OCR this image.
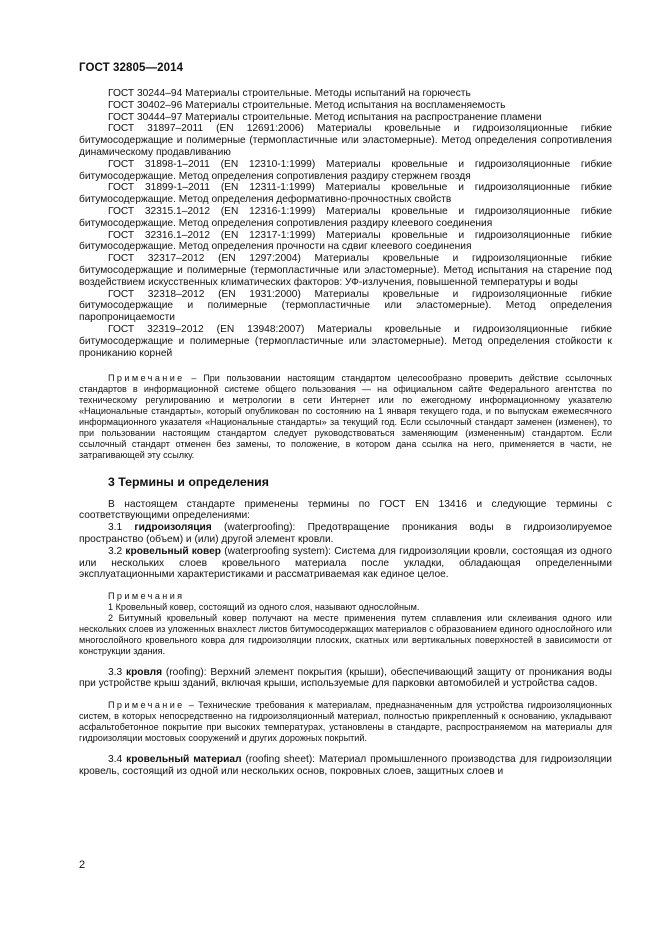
ГОСТ 32805—2014

ГОСТ 30244–94 Материалы строительные. Методы испытаний на горючесть

ГОСТ 30402–96 Материалы строительные. Метод испытания на воспламеняемость

ГОСТ 30444–97 Материалы строительные. Метод испытания на распространение пламени

ГОСТ 31897–2011 (EN 12691:2006) Материалы кровельные и гидроизоляционные гибкие битумосодержащие и полимерные (термопластичные или эластомерные). Метод определения сопротивления динамическому продавливанию

ГОСТ 31898-1–2011 (EN 12310-1:1999) Материалы кровельные и гидроизоляционные гибкие битумосодержащие. Метод определения сопротивления раздиру стержнем гвоздя

ГОСТ 31899-1–2011 (EN 12311-1:1999) Материалы кровельные и гидроизоляционные гибкие битумосодержащие. Метод определения деформативно-прочностных свойств

ГОСТ 32315.1–2012 (EN 12316-1:1999) Материалы кровельные и гидроизоляционные гибкие битумосодержащие. Метод определения сопротивления раздиру клеевого соединения

ГОСТ 32316.1–2012 (EN 12317-1:1999) Материалы кровельные и гидроизоляционные гибкие битумосодержащие. Метод определения прочности на сдвиг клеевого соединения

ГОСТ 32317–2012 (EN 1297:2004) Материалы кровельные и гидроизоляционные гибкие битумосодержащие и полимерные (термопластичные или эластомерные). Метод испытания на старение под воздействием искусственных климатических факторов: УФ-излучения, повышенной температуры и воды

ГОСТ 32318–2012 (EN 1931:2000) Материалы кровельные и гидроизоляционные гибкие битумосодержащие и полимерные (термопластичные или эластомерные). Метод определения паропроницаемости

ГОСТ 32319–2012 (EN 13948:2007) Материалы кровельные и гидроизоляционные гибкие битумосодержащие и полимерные (термопластичные или эластомерные). Метод определения стойкости к прониканию корней

Примечание – При пользовании настоящим стандартом целесообразно проверить действие ссылочных стандартов в информационной системе общего пользования — на официальном сайте Федерального агентства по техническому регулированию и метрологии в сети Интернет или по ежегодному информационному указателю «Национальные стандарты», который опубликован по состоянию на 1 января текущего года, и по выпускам ежемесячного информационного указателя «Национальные стандарты» за текущий год. Если ссылочный стандарт заменен (изменен), то при пользовании настоящим стандартом следует руководствоваться заменяющим (измененным) стандартом. Если ссылочный стандарт отменен без замены, то положение, в котором дана ссылка на него, применяется в части, не затрагивающей эту ссылку.

3 Термины и определения

В настоящем стандарте применены термины по ГОСТ EN 13416 и следующие термины с соответствующими определениями:

3.1 гидроизоляция (waterproofing): Предотвращение проникания воды в гидроизолируемое пространство (объем) и (или) другой элемент кровли.

3.2 кровельный ковер (waterproofing system): Система для гидроизоляции кровли, состоящая из одного или нескольких слоев кровельного материала после укладки, обладающая определенными эксплуатационными характеристиками и рассматриваемая как единое целое.

Примечания

1 Кровельный ковер, состоящий из одного слоя, называют однослойным.

2 Битумный кровельный ковер получают на месте применения путем сплавления или склеивания одного или нескольких слоев из уложенных внахлест листов битумосодержащих материалов с образованием единого однослойного или многослойного кровельного ковра для гидроизоляции плоских, скатных или вертикальных поверхностей в зависимости от конструкции здания.

3.3 кровля (roofing): Верхний элемент покрытия (крыши), обеспечивающий защиту от проникания воды при устройстве крыш зданий, включая крыши, используемые для парковки автомобилей и устройства садов.

Примечание – Технические требования к материалам, предназначенным для устройства гидроизоляционных систем, в которых непосредственно на гидроизоляционный материал, полностью прикрепленный к основанию, укладывают асфальтобетонное покрытие при высоких температурах, установлены в стандарте, распространяемом на материалы для гидроизоляции мостовых сооружений и других дорожных покрытий.

3.4 кровельный материал (roofing sheet): Материал промышленного производства для гидроизоляции кровель, состоящий из одной или нескольких основ, покровных слоев, защитных слоев и

2
